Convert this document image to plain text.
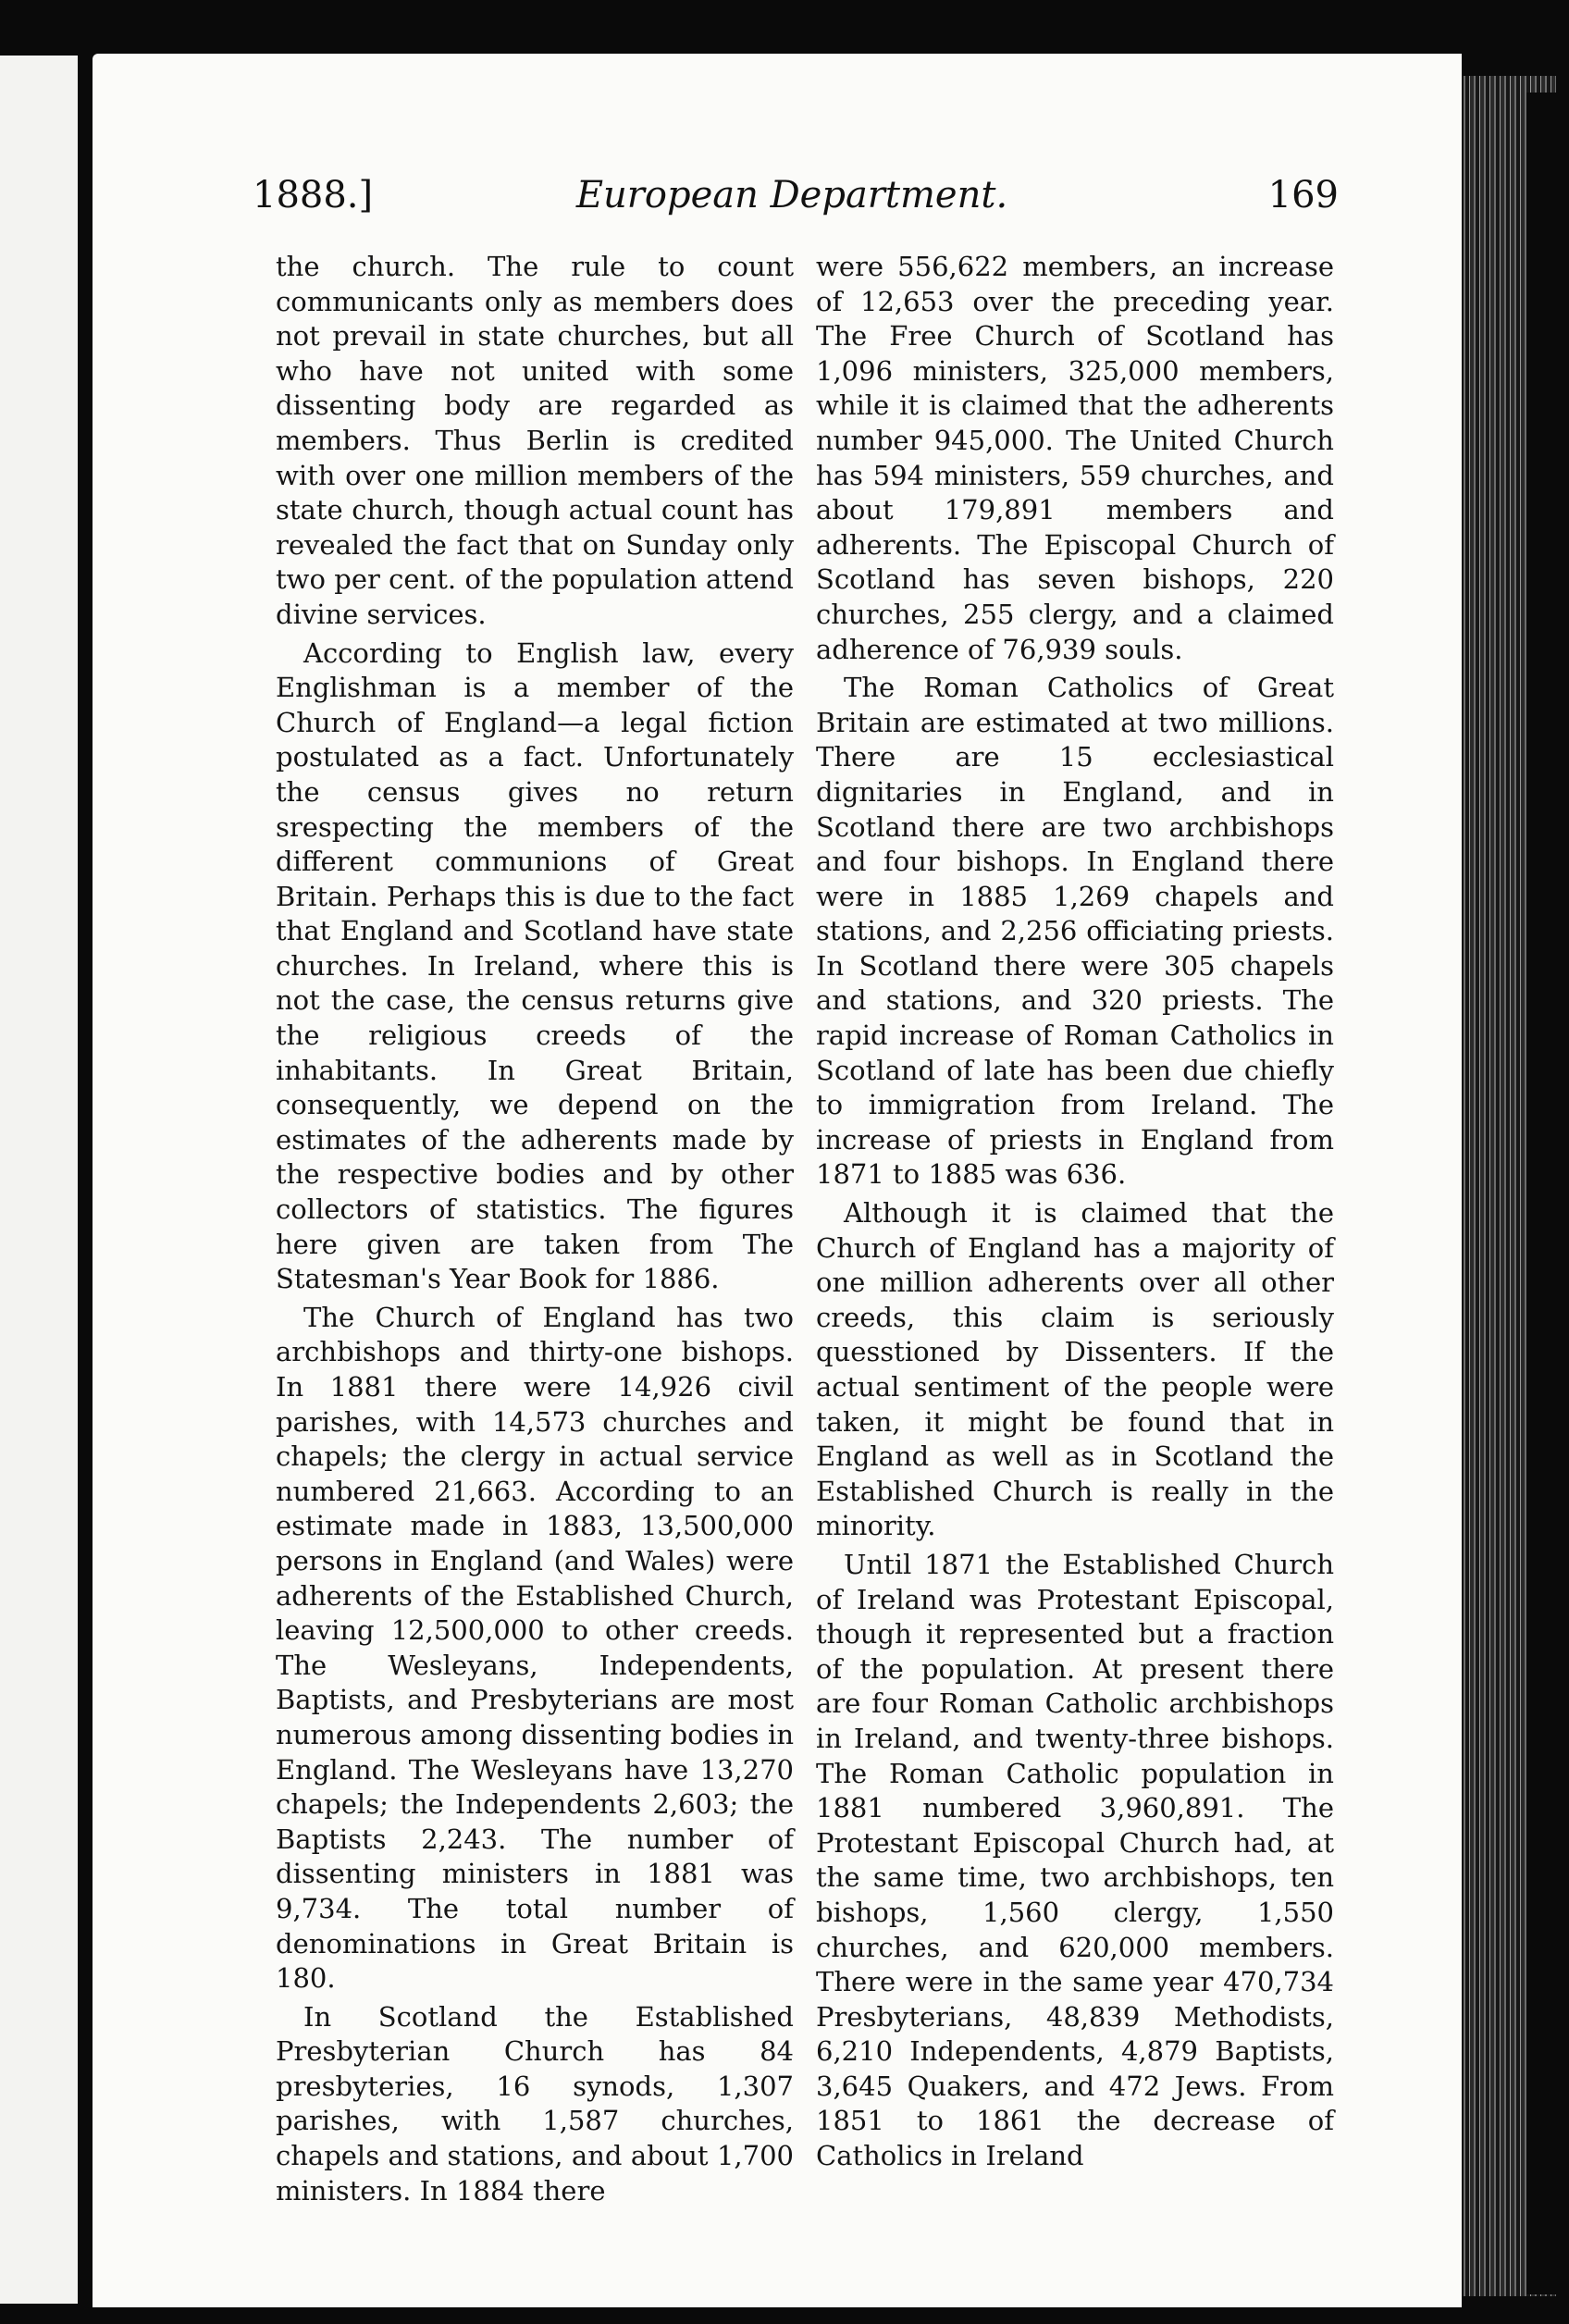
1888.]	European Department.	169

the church. The rule to count communicants only as members does not prevail in state churches, but all who have not united with some dissenting body are regarded as members. Thus Berlin is credited with over one million members of the state church, though actual count has revealed the fact that on Sunday only two per cent. of the population attend divine services.

According to English law, every Englishman is a member of the Church of England—a legal fiction postulated as a fact. Unfortunately the census gives no return srespecting the members of the different communions of Great Britain. Perhaps this is due to the fact that England and Scotland have state churches. In Ireland, where this is not the case, the census returns give the religious creeds of the inhabitants. In Great Britain, consequently, we depend on the estimates of the adherents made by the respective bodies and by other collectors of statistics. The figures here given are taken from The Statesman's Year Book for 1886.

The Church of England has two archbishops and thirty-one bishops. In 1881 there were 14,926 civil parishes, with 14,573 churches and chapels; the clergy in actual service numbered 21,663. According to an estimate made in 1883, 13,500,000 persons in England (and Wales) were adherents of the Established Church, leaving 12,500,000 to other creeds. The Wesleyans, Independents, Baptists, and Presbyterians are most numerous among dissenting bodies in England. The Wesleyans have 13,270 chapels; the Independents 2,603; the Baptists 2,243. The number of dissenting ministers in 1881 was 9,734. The total number of denominations in Great Britain is 180.

In Scotland the Established Presbyterian Church has 84 presbyteries, 16 synods, 1,307 parishes, with 1,587 churches, chapels and stations, and about 1,700 ministers. In 1884 there

were 556,622 members, an increase of 12,653 over the preceding year. The Free Church of Scotland has 1,096 ministers, 325,000 members, while it is claimed that the adherents number 945,000. The United Church has 594 ministers, 559 churches, and about 179,891 members and adherents. The Episcopal Church of Scotland has seven bishops, 220 churches, 255 clergy, and a claimed adherence of 76,939 souls.

The Roman Catholics of Great Britain are estimated at two millions. There are 15 ecclesiastical dignitaries in England, and in Scotland there are two archbishops and four bishops. In England there were in 1885 1,269 chapels and stations, and 2,256 officiating priests. In Scotland there were 305 chapels and stations, and 320 priests. The rapid increase of Roman Catholics in Scotland of late has been due chiefly to immigration from Ireland. The increase of priests in England from 1871 to 1885 was 636.

Although it is claimed that the Church of England has a majority of one million adherents over all other creeds, this claim is seriously quesstioned by Dissenters. If the actual sentiment of the people were taken, it might be found that in England as well as in Scotland the Established Church is really in the minority.

Until 1871 the Established Church of Ireland was Protestant Episcopal, though it represented but a fraction of the population. At present there are four Roman Catholic archbishops in Ireland, and twenty-three bishops. The Roman Catholic population in 1881 numbered 3,960,891. The Protestant Episcopal Church had, at the same time, two archbishops, ten bishops, 1,560 clergy, 1,550 churches, and 620,000 members. There were in the same year 470,734 Presbyterians, 48,839 Methodists, 6,210 Independents, 4,879 Baptists, 3,645 Quakers, and 472 Jews. From 1851 to 1861 the decrease of Catholics in Ireland
